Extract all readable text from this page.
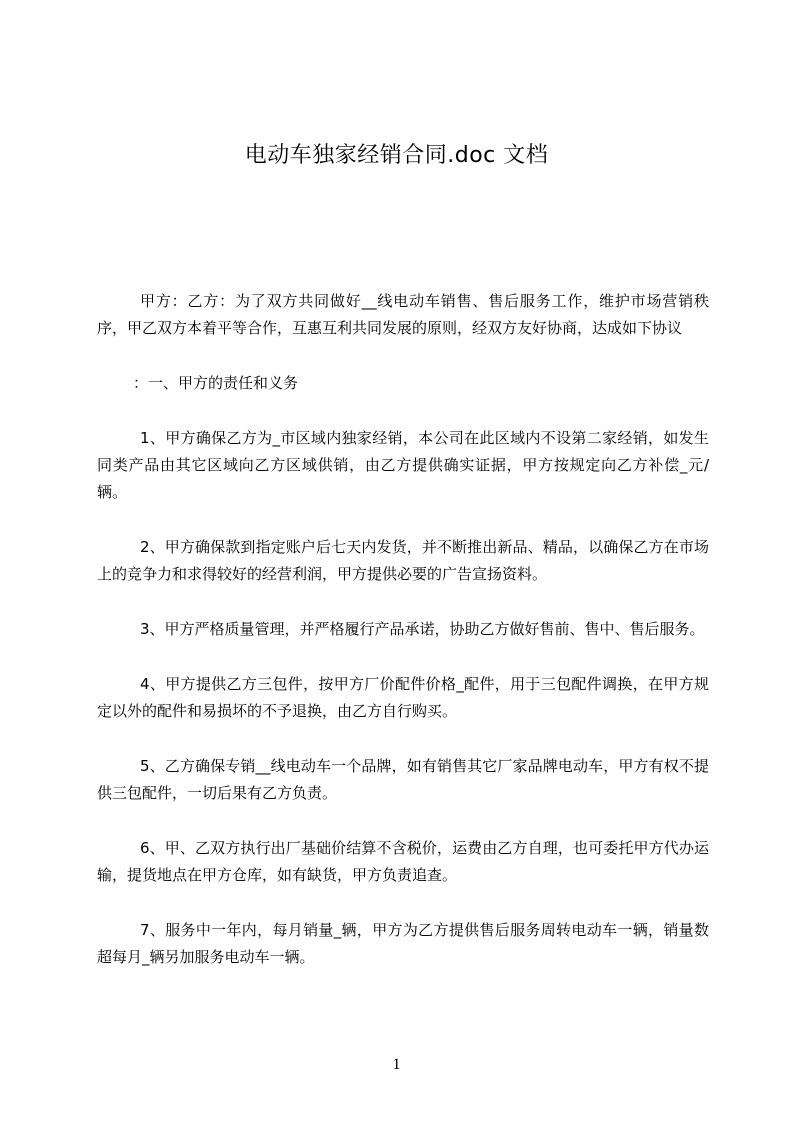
电动车独家经销合同.doc 文档

甲方：乙方：为了双方共同做好__线电动车销售、售后服务工作，维护市场营销秩序，甲乙双方本着平等合作，互惠互利共同发展的原则，经双方友好协商，达成如下协议

：一、甲方的责任和义务

1、甲方确保乙方为_市区域内独家经销，本公司在此区域内不设第二家经销，如发生同类产品由其它区域向乙方区域供销，由乙方提供确实证据，甲方按规定向乙方补偿_元/辆。

2、甲方确保款到指定账户后七天内发货，并不断推出新品、精品，以确保乙方在市场上的竞争力和求得较好的经营利润，甲方提供必要的广告宣扬资料。

3、甲方严格质量管理，并严格履行产品承诺，协助乙方做好售前、售中、售后服务。

4、甲方提供乙方三包件，按甲方厂价配件价格_配件，用于三包配件调换，在甲方规定以外的配件和易损坏的不予退换，由乙方自行购买。

5、乙方确保专销__线电动车一个品牌，如有销售其它厂家品牌电动车，甲方有权不提供三包配件，一切后果有乙方负责。

6、甲、乙双方执行出厂基础价结算不含税价，运费由乙方自理，也可委托甲方代办运输，提货地点在甲方仓库，如有缺货，甲方负责追查。

7、服务中一年内，每月销量_辆，甲方为乙方提供售后服务周转电动车一辆，销量数超每月_辆另加服务电动车一辆。

1
